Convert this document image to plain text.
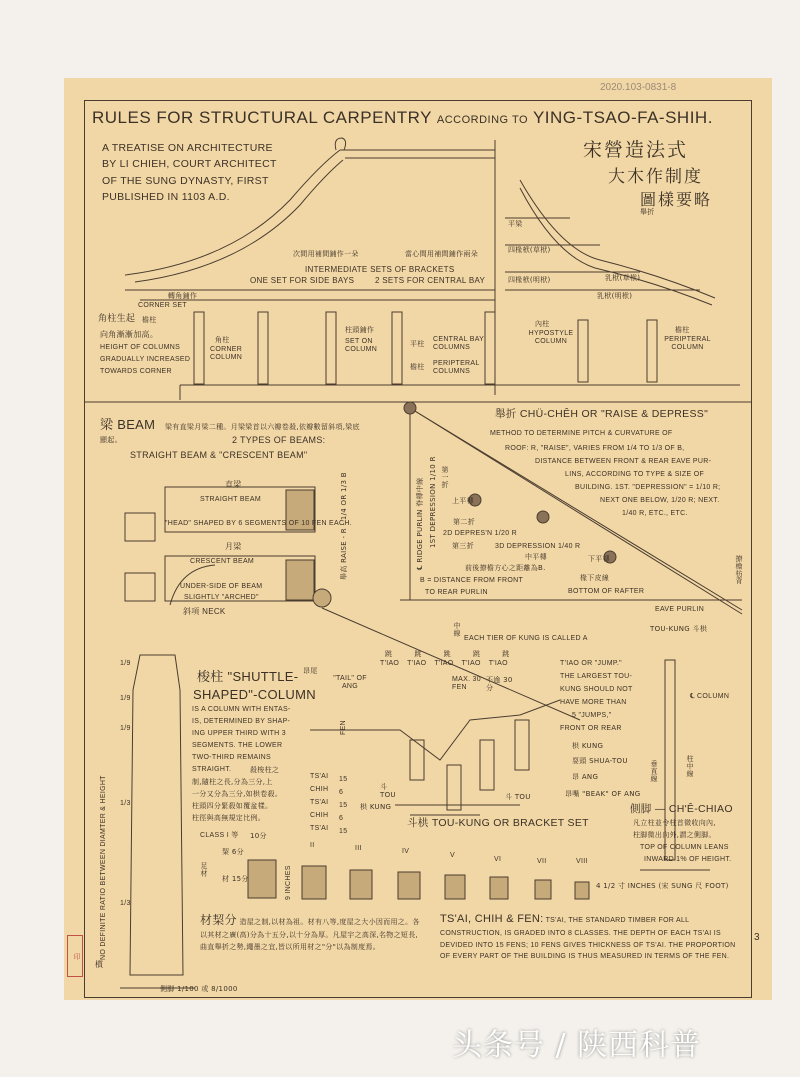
2020.103-0831-8
RULES FOR STRUCTURAL CARPENTRY ACCORDING TO YING-TSAO-FA-SHIH.
A TREATISE ON ARCHITECTURE BY LI CHIEH, COURT ARCHITECT OF THE SUNG DYNASTY, FIRST PUBLISHED IN 1103 A.D.
宋營造法式
大木作制度
圖樣要略
次間用補間鋪作一朵	當心間用補間鋪作兩朵
INTERMEDIATE SETS OF BRACKETS
ONE SET FOR SIDE BAYS	2 SETS FOR CENTRAL BAY
轉角鋪作
CORNER SET
角柱生起 檐柱
向角漸漸加高。
HEIGHT OF COLUMNS
GRADUALLY INCREASED
TOWARDS CORNER
角柱
CORNER COLUMN
柱頭鋪作
SET ON COLUMN
平柱
CENTRAL BAY COLUMNS
檐柱 PERIPTERAL COLUMNS
舉折
平梁
四椽栿(草栿)
四椽栿(明栿)	乳栿(草栿)
乳栿(明栿)
內柱
HYPOSTYLE COLUMN
檐柱
PERIPTERAL COLUMN
梁 BEAM	梁有直梁月梁二種。月梁梁首以六瓣卷殺,依瓣數留斜項,梁底顯起。	2 TYPES OF BEAMS:
STRAIGHT BEAM & "CRESCENT BEAM"
直梁
STRAIGHT BEAM
"HEAD" SHAPED BY 6 SEGMENTS OF 10 FEN EACH.
月梁
CRESCENT BEAM
UNDER-SIDE OF BEAM
SLIGHTLY "ARCHED"
斜項 NECK
舉折 CHÜ-CHÊH OR "RAISE & DEPRESS"
METHOD TO DETERMINE PITCH & CURVATURE OF
ROOF: R, "RAISE", VARIES FROM 1/4 TO 1/3 OF B,
DISTANCE BETWEEN FRONT & REAR EAVE PUR-
LINS, ACCORDING TO TYPE & SIZE OF
BUILDING. 1ST. "DEPRESSION" = 1/10 R;
NEXT ONE BELOW, 1/20 R; NEXT.
1/40 R, ETC., ETC.
舉高 RAISE - R - 1/4 OR 1/3 B	℄ RIDGE PURLIN 脊槫中線 1ST DEPRESSION 1/10 R 第一折
上平槫
第二折
2D DEPRES'N 1/20 R
中平槫
第三折	3D DEPRESSION 1/40 R
下平槫
前後撩檐方心之距離為B.
B = DISTANCE FROM FRONT
TO REAR PURLIN
椽下皮線
BOTTOM OF RAFTER
EAVE PURLIN
撩檐枋背
NO DEFINITE RATIO BETWEEN DIAMTER & HEIGHT
1/9
1/9
1/9
1/3
1/3
櫍
側脚 1/100 或 8/1000
梭柱 "SHUTTLE-
SHAPED"-COLUMN
IS A COLUMN WITH ENTAS-
IS, DETERMINED BY SHAP-
ING UPPER THIRD WITH 3
SEGMENTS. THE LOWER
TWO-THIRD REMAINS
STRAIGHT.	殺梭柱之
制,隨柱之長,分為三分,上
一分又分為三分,如栱卷殺。
柱頭四分緊殺如覆盆樣。
柱徑與高無規定比例。
昂尾
"TAIL" OF ANG
中線
T'IAO T'IAO T'IAO T'IAO T'IAO
跳	跳	跳	跳	跳
MAX. 30 FEN
不逾 30分
EACH TIER OF KUNG IS CALLED A
T'IAO OR "JUMP."
THE LARGEST TOU-
KUNG SHOULD NOT
HAVE MORE THAN
5 "JUMPS,"
FRONT OR REAR
FEN
TS'AI
CHIH
TS'AI
CHIH
TS'AI
15
6
15
6
15
栱 KUNG
耍頭 SHUA-TOU
昂 ANG
昂嘴 "BEAK" OF ANG
斗 TOU	斗 TOU
栱 KUNG
斗栱 TOU-KUNG OR BRACKET SET
TOU-KUNG 斗栱
℄ COLUMN
柱中線
垂直線
側脚 — CH'Ê-CHIAO
凡立柱並令柱首微收向內,
柱脚微出向外,謂之側脚。
TOP OF COLUMN LEANS
INWARD 1% OF HEIGHT.
CLASS I 等
II	III	IV
V
VI	VII	VIII
10分
栔 6分
材 15分
足材	9 INCHES	4 1/2 寸 INCHES (宋 SUNG 尺 FOOT)
材栔分 造屋之制,以材為祖。材有八等,度屋之大小因而用之。各以其材之廣(高)分為十五分,以十分為厚。凡屋宇之高深,名物之短長,曲直舉折之勢,繩墨之宜,皆以所用材之"分"以為制度焉。
TS'AI, CHIH & FEN: TS'AI, THE STANDARD TIMBER FOR ALL CONSTRUCTION, IS GRADED INTO 8 CLASSES. THE DEPTH OF EACH TS'AI IS DEVIDED INTO 15 FENS; 10 FENS GIVES THICKNESS OF TS'AI. THE PROPORTION OF EVERY PART OF THE BUILDING IS THUS MEASURED IN TERMS OF THE FEN.
3
印
头条号 / 陕西科普
